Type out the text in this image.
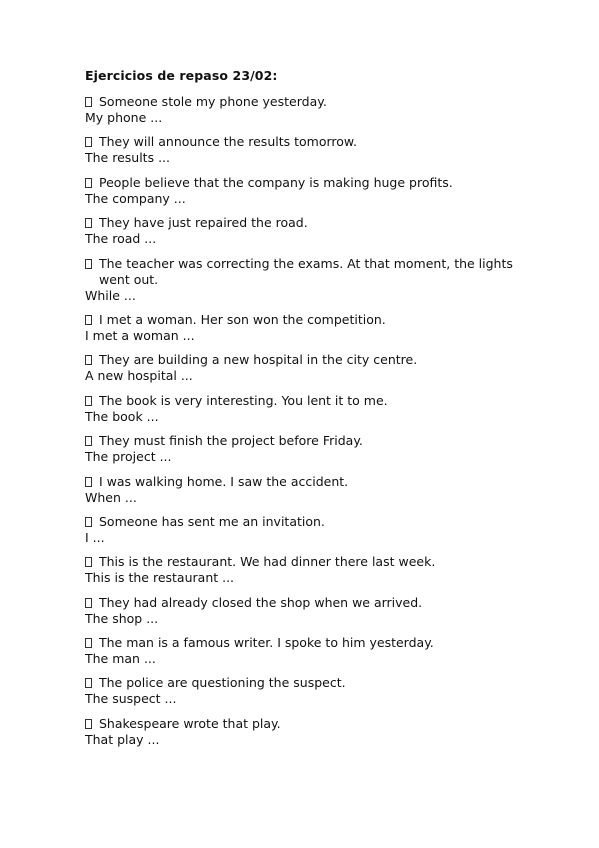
Ejercicios de repaso 23/02:
Someone stole my phone yesterday.
My phone ...
They will announce the results tomorrow.
The results ...
People believe that the company is making huge profits.
The company ...
They have just repaired the road.
The road ...
The teacher was correcting the exams. At that moment, the lights went out.
While ...
I met a woman. Her son won the competition.
I met a woman ...
They are building a new hospital in the city centre.
A new hospital ...
The book is very interesting. You lent it to me.
The book ...
They must finish the project before Friday.
The project ...
I was walking home. I saw the accident.
When ...
Someone has sent me an invitation.
I ...
This is the restaurant. We had dinner there last week.
This is the restaurant ...
They had already closed the shop when we arrived.
The shop ...
The man is a famous writer. I spoke to him yesterday.
The man ...
The police are questioning the suspect.
The suspect ...
Shakespeare wrote that play.
That play ...
